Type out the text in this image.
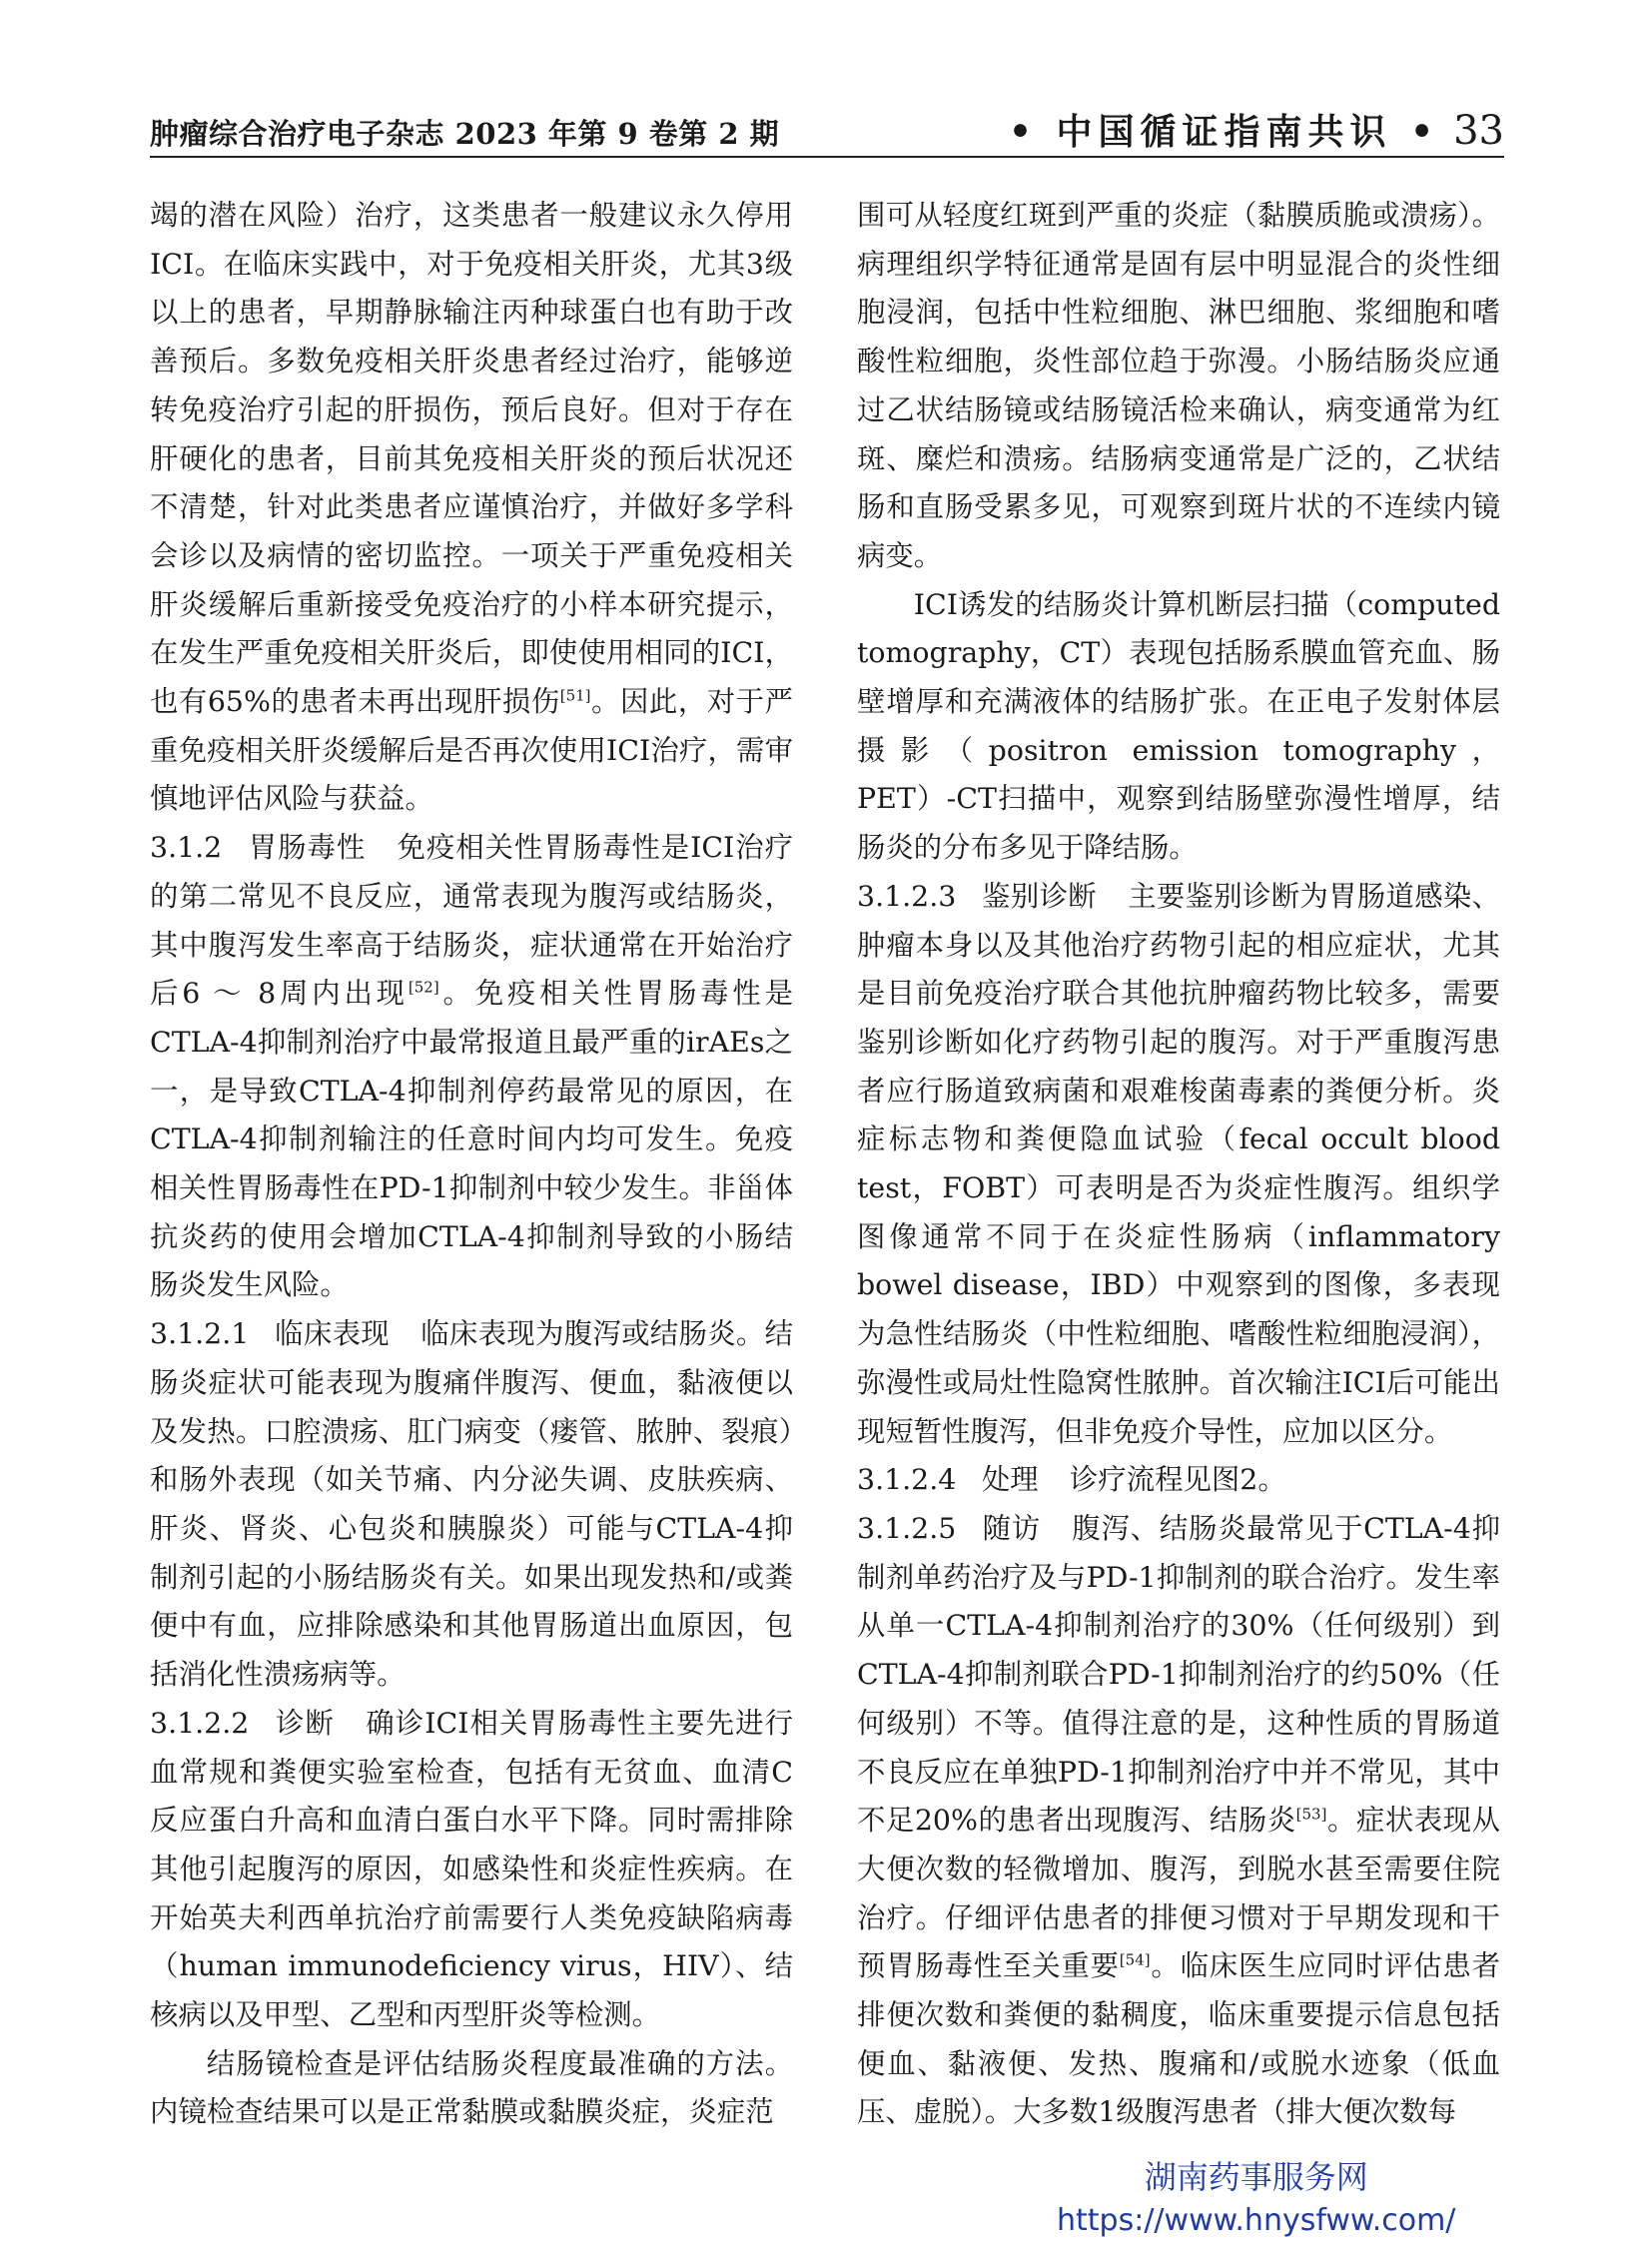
肿瘤综合治疗电子杂志 2023 年第 9 卷第 2 期	• 中国循证指南共识 • 33

竭的潜在风险）治疗，这类患者一般建议永久停用ICI。在临床实践中，对于免疫相关肝炎，尤其3级以上的患者，早期静脉输注丙种球蛋白也有助于改善预后。多数免疫相关肝炎患者经过治疗，能够逆转免疫治疗引起的肝损伤，预后良好。但对于存在肝硬化的患者，目前其免疫相关肝炎的预后状况还不清楚，针对此类患者应谨慎治疗，并做好多学科会诊以及病情的密切监控。一项关于严重免疫相关肝炎缓解后重新接受免疫治疗的小样本研究提示，在发生严重免疫相关肝炎后，即使使用相同的ICI，也有65%的患者未再出现肝损伤[51]。因此，对于严重免疫相关肝炎缓解后是否再次使用ICI治疗，需审慎地评估风险与获益。

3.1.2 胃肠毒性 免疫相关性胃肠毒性是ICI治疗的第二常见不良反应，通常表现为腹泻或结肠炎，其中腹泻发生率高于结肠炎，症状通常在开始治疗后6 ～ 8周内出现[52]。免疫相关性胃肠毒性是CTLA-4抑制剂治疗中最常报道且最严重的irAEs之一，是导致CTLA-4抑制剂停药最常见的原因，在CTLA-4抑制剂输注的任意时间内均可发生。免疫相关性胃肠毒性在PD-1抑制剂中较少发生。非甾体抗炎药的使用会增加CTLA-4抑制剂导致的小肠结肠炎发生风险。

3.1.2.1 临床表现 临床表现为腹泻或结肠炎。结肠炎症状可能表现为腹痛伴腹泻、便血，黏液便以及发热。口腔溃疡、肛门病变（瘘管、脓肿、裂痕）和肠外表现（如关节痛、内分泌失调、皮肤疾病、肝炎、肾炎、心包炎和胰腺炎）可能与CTLA-4抑制剂引起的小肠结肠炎有关。如果出现发热和/或粪便中有血，应排除感染和其他胃肠道出血原因，包括消化性溃疡病等。

3.1.2.2 诊断 确诊ICI相关胃肠毒性主要先进行血常规和粪便实验室检查，包括有无贫血、血清C反应蛋白升高和血清白蛋白水平下降。同时需排除其他引起腹泻的原因，如感染性和炎症性疾病。在开始英夫利西单抗治疗前需要行人类免疫缺陷病毒（human immunodeficiency virus，HIV）、结核病以及甲型、乙型和丙型肝炎等检测。

结肠镜检查是评估结肠炎程度最准确的方法。内镜检查结果可以是正常黏膜或黏膜炎症，炎症范

围可从轻度红斑到严重的炎症（黏膜质脆或溃疡）。病理组织学特征通常是固有层中明显混合的炎性细胞浸润，包括中性粒细胞、淋巴细胞、浆细胞和嗜酸性粒细胞，炎性部位趋于弥漫。小肠结肠炎应通过乙状结肠镜或结肠镜活检来确认，病变通常为红斑、糜烂和溃疡。结肠病变通常是广泛的，乙状结肠和直肠受累多见，可观察到斑片状的不连续内镜病变。

ICI诱发的结肠炎计算机断层扫描（computed tomography，CT）表现包括肠系膜血管充血、肠壁增厚和充满液体的结肠扩张。在正电子发射体层摄影（positron emission tomography，PET）-CT扫描中，观察到结肠壁弥漫性增厚，结肠炎的分布多见于降结肠。

3.1.2.3 鉴别诊断 主要鉴别诊断为胃肠道感染、肿瘤本身以及其他治疗药物引起的相应症状，尤其是目前免疫治疗联合其他抗肿瘤药物比较多，需要鉴别诊断如化疗药物引起的腹泻。对于严重腹泻患者应行肠道致病菌和艰难梭菌毒素的粪便分析。炎症标志物和粪便隐血试验（fecal occult blood test，FOBT）可表明是否为炎症性腹泻。组织学图像通常不同于在炎症性肠病（inflammatory bowel disease，IBD）中观察到的图像，多表现为急性结肠炎（中性粒细胞、嗜酸性粒细胞浸润），弥漫性或局灶性隐窝性脓肿。首次输注ICI后可能出现短暂性腹泻，但非免疫介导性，应加以区分。

3.1.2.4 处理 诊疗流程见图2。

3.1.2.5 随访 腹泻、结肠炎最常见于CTLA-4抑制剂单药治疗及与PD-1抑制剂的联合治疗。发生率从单一CTLA-4抑制剂治疗的30%（任何级别）到CTLA-4抑制剂联合PD-1抑制剂治疗的约50%（任何级别）不等。值得注意的是，这种性质的胃肠道不良反应在单独PD-1抑制剂治疗中并不常见，其中不足20%的患者出现腹泻、结肠炎[53]。症状表现从大便次数的轻微增加、腹泻，到脱水甚至需要住院治疗。仔细评估患者的排便习惯对于早期发现和干预胃肠毒性至关重要[54]。临床医生应同时评估患者排便次数和粪便的黏稠度，临床重要提示信息包括便血、黏液便、发热、腹痛和/或脱水迹象（低血压、虚脱）。大多数1级腹泻患者（排大便次数每

湖南药事服务网
https://www.hnysfww.com/
